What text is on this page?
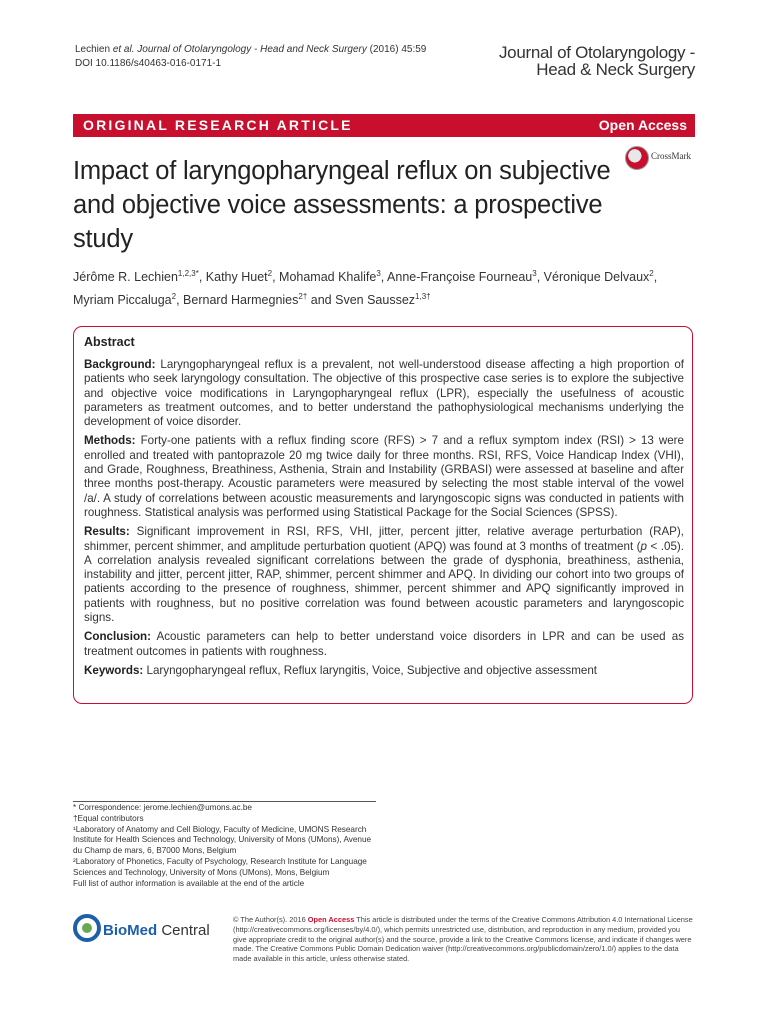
Lechien et al. Journal of Otolaryngology - Head and Neck Surgery (2016) 45:59
DOI 10.1186/s40463-016-0171-1
Journal of Otolaryngology -
Head & Neck Surgery
ORIGINAL RESEARCH ARTICLE	Open Access
Impact of laryngopharyngeal reflux on subjective and objective voice assessments: a prospective study
CrossMark
Jérôme R. Lechien$^{1,2,3*}$, Kathy Huet$^2$, Mohamad Khalife$^3$, Anne-Françoise Fourneau$^3$, Véronique Delvaux$^2$,
Myriam Piccaluga$^2$, Bernard Harmegnies$^{2\dagger}$ and Sven Saussez$^{1,3\dagger}$
Abstract

Background: Laryngopharyngeal reflux is a prevalent, not well-understood disease affecting a high proportion of patients who seek laryngology consultation. The objective of this prospective case series is to explore the subjective and objective voice modifications in Laryngopharyngeal reflux (LPR), especially the usefulness of acoustic parameters as treatment outcomes, and to better understand the pathophysiological mechanisms underlying the development of voice disorder.

Methods: Forty-one patients with a reflux finding score (RFS) > 7 and a reflux symptom index (RSI) > 13 were enrolled and treated with pantoprazole 20 mg twice daily for three months. RSI, RFS, Voice Handicap Index (VHI), and Grade, Roughness, Breathiness, Asthenia, Strain and Instability (GRBASI) were assessed at baseline and after three months post-therapy. Acoustic parameters were measured by selecting the most stable interval of the vowel /a/. A study of correlations between acoustic measurements and laryngoscopic signs was conducted in patients with roughness. Statistical analysis was performed using Statistical Package for the Social Sciences (SPSS).

Results: Significant improvement in RSI, RFS, VHI, jitter, percent jitter, relative average perturbation (RAP), shimmer, percent shimmer, and amplitude perturbation quotient (APQ) was found at 3 months of treatment (p < .05). A correlation analysis revealed significant correlations between the grade of dysphonia, breathiness, asthenia, instability and jitter, percent jitter, RAP, shimmer, percent shimmer and APQ. In dividing our cohort into two groups of patients according to the presence of roughness, shimmer, percent shimmer and APQ significantly improved in patients with roughness, but no positive correlation was found between acoustic parameters and laryngoscopic signs.

Conclusion: Acoustic parameters can help to better understand voice disorders in LPR and can be used as treatment outcomes in patients with roughness.

Keywords: Laryngopharyngeal reflux, Reflux laryngitis, Voice, Subjective and objective assessment

* Correspondence: jerome.lechien@umons.ac.be
†Equal contributors
¹Laboratory of Anatomy and Cell Biology, Faculty of Medicine, UMONS Research Institute for Health Sciences and Technology, University of Mons (UMons), Avenue du Champ de mars, 6, B7000 Mons, Belgium
²Laboratory of Phonetics, Faculty of Psychology, Research Institute for Language Sciences and Technology, University of Mons (UMons), Mons, Belgium
Full list of author information is available at the end of the article
BioMed Central
© The Author(s). 2016 Open Access This article is distributed under the terms of the Creative Commons Attribution 4.0 International License (http://creativecommons.org/licenses/by/4.0/), which permits unrestricted use, distribution, and reproduction in any medium, provided you give appropriate credit to the original author(s) and the source, provide a link to the Creative Commons license, and indicate if changes were made. The Creative Commons Public Domain Dedication waiver (http://creativecommons.org/publicdomain/zero/1.0/) applies to the data made available in this article, unless otherwise stated.
